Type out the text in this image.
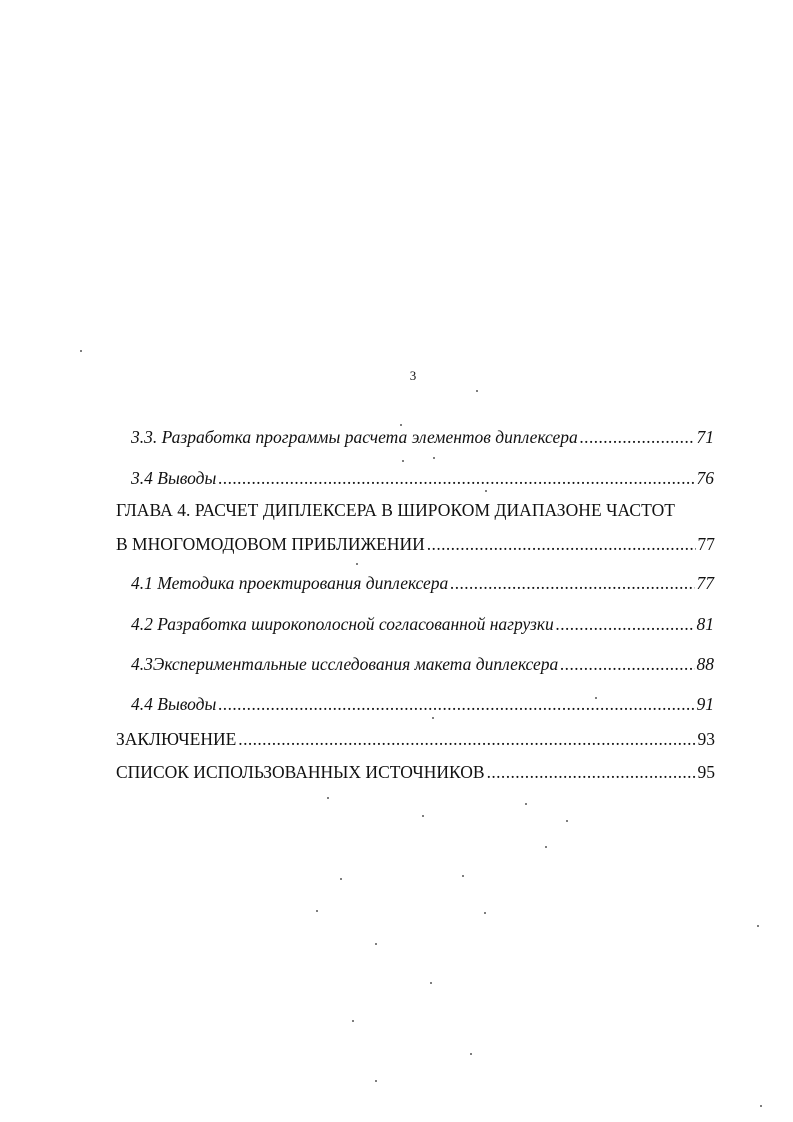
3
3.3. Разработка программы расчета элементов диплексера .....	71
3.4 Выводы .....	76
ГЛАВА 4. РАСЧЕТ ДИПЛЕКСЕРА В ШИРОКОМ ДИАПАЗОНЕ ЧАСТОТ
В МНОГОМОДОВОМ ПРИБЛИЖЕНИИ .....	77
4.1 Методика проектирования диплексера .....	77
4.2 Разработка широкополосной согласованной нагрузки .....	81
4.3Экспериментальные исследования макета диплексера .....	88
4.4 Выводы .....	91
ЗАКЛЮЧЕНИЕ .....	93
СПИСОК ИСПОЛЬЗОВАННЫХ ИСТОЧНИКОВ .....	95
